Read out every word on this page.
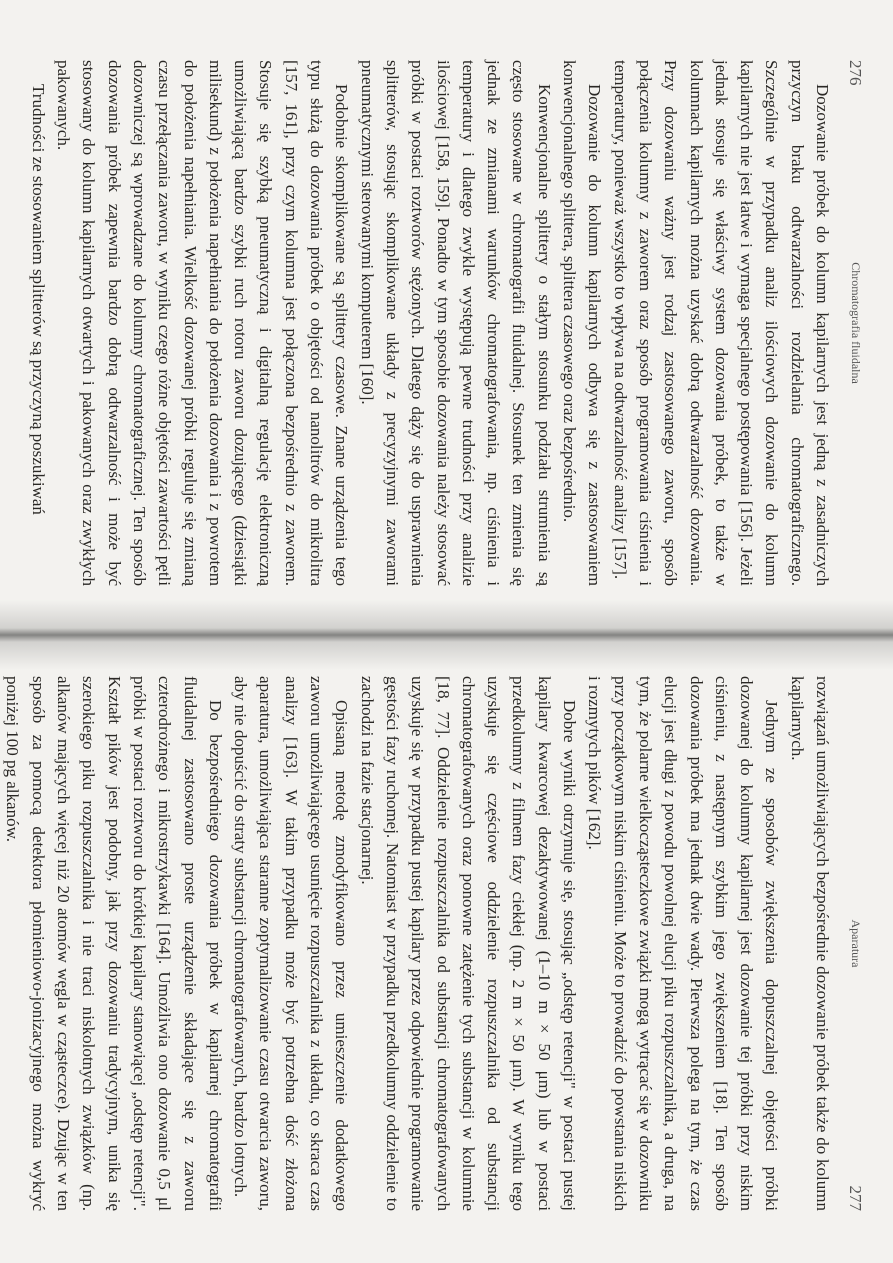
276
Chromatografia fluidalna

Dozowanie próbek do kolumn kapilarnych jest jedną z zasadniczych przyczyn braku odtwarzalności rozdzielania chromatograficznego. Szczególnie w przypadku analiz ilościowych dozowanie do kolumn kapilarnych nie jest łatwe i wymaga specjalnego postępowania [156]. Jeżeli jednak stosuje się właściwy system dozowania próbek, to także w kolumnach kapilarnych można uzyskać dobrą odtwarzalność dozowania. Przy dozowaniu ważny jest rodzaj zastosowanego zaworu, sposób połączenia kolumny z zaworem oraz sposób programowania ciśnienia i temperatury, ponieważ wszystko to wpływa na odtwarzalność analizy [157].

Dozowanie do kolumn kapilarnych odbywa się z zastosowaniem konwencjonalnego splittera, splittera czasowego oraz bezpośrednio.

Konwencjonalne splittery o stałym stosunku podziału strumienia są często stosowane w chromatografii fluidalnej. Stosunek ten zmienia się jednak ze zmianami warunków chromatografowania, np. ciśnienia i temperatury i dlatego zwykle występują pewne trudności przy analizie ilościowej [158, 159]. Ponadto w tym sposobie dozowania należy stosować próbki w postaci roztworów stężonych. Dlatego dąży się do usprawnienia splitterów, stosując skomplikowane układy z precyzyjnymi zaworami pneumatycznymi sterowanymi komputerem [160].

Podobnie skomplikowane są splittery czasowe. Znane urządzenia tego typu służą do dozowania próbek o objętości od nanolitrów do mikrolitra [157, 161], przy czym kolumna jest połączona bezpośrednio z zaworem. Stosuje się szybką pneumatyczną i digitalną regulację elektroniczną umożliwiającą bardzo szybki ruch rotoru zaworu dozującego (dziesiątki milisekund) z położenia napełniania do położenia dozowania i z powrotem do położenia napełniania. Wielkość dozowanej próbki reguluje się zmianą czasu przełączania zaworu, w wyniku czego różne objętości zawartości pętli dozowniczej są wprowadzane do kolumny chromatograficznej. Ten sposób dozowania próbek zapewnia bardzo dobrą odtwarzalność i może być stosowany do kolumn kapilarnych otwartych i pakowanych oraz zwykłych pakowanych.

Trudności ze stosowaniem splitterów są przyczyną poszukiwań

Aparatura
277

rozwiązań umożliwiających bezpośrednie dozowanie próbek także do kolumn kapilarnych.

Jednym ze sposobów zwiększenia dopuszczalnej objętości próbki dozowanej do kolumny kapilarnej jest dozowanie tej próbki przy niskim ciśnieniu, z następnym szybkim jego zwiększeniem [18]. Ten sposób dozowania próbek ma jednak dwie wady. Pierwsza polega na tym, że czas elucji jest długi z powodu powolnej elucji piku rozpuszczalnika, a druga, na tym, że polarne wielkocząsteczkowe związki mogą wytrącać się w dozowniku przy początkowym niskim ciśnieniu. Może to prowadzić do powstania niskich i rozmytych pików [162].

Dobre wyniki otrzymuje się, stosując „odstęp retencji" w postaci pustej kapilary kwarcowej dezaktywowanej (1–10 m × 50 μm) lub w postaci przedkolumny z filmem fazy ciekłej (np. 2 m × 50 μm). W wyniku tego uzyskuje się częściowe oddzielenie rozpuszczalnika od substancji chromatografowanych oraz ponowne zatężenie tych substancji w kolumnie [18, 77]. Oddzielenie rozpuszczalnika od substancji chromatografowanych uzyskuje się w przypadku pustej kapilary przez odpowiednie programowanie gęstości fazy ruchomej. Natomiast w przypadku przedkolumny oddzielenie to zachodzi na fazie stacjonarnej.

Opisaną metodę zmodyfikowano przez umieszczenie dodatkowego zaworu umożliwiającego usunięcie rozpuszczalnika z układu, co skraca czas analizy [163]. W takim przypadku może być potrzebna dość złożona aparatura, umożliwiająca staranne zoptymalizowanie czasu otwarcia zaworu, aby nie dopuścić do straty substancji chromatografowanych, bardzo lotnych.

Do bezpośredniego dozowania próbek w kapilarnej chromatografii fluidalnej zastosowano proste urządzenie składające się z zaworu czterodrożnego i mikrostrzykawki [164]. Umożliwia ono dozowanie 0,5 μl próbki w postaci roztworu do krótkiej kapilary stanowiącej „odstęp retencji". Kształt pików jest podobny, jak przy dozowaniu tradycyjnym, unika się szerokiego piku rozpuszczalnika i nie traci niskolotnych związków (np. alkanów mających więcej niż 20 atomów węgla w cząsteczce). Dzując w ten sposób za pomocą detektora płomieniowo-jonizacyjnego można wykryć poniżej 100 pg alkanów.
